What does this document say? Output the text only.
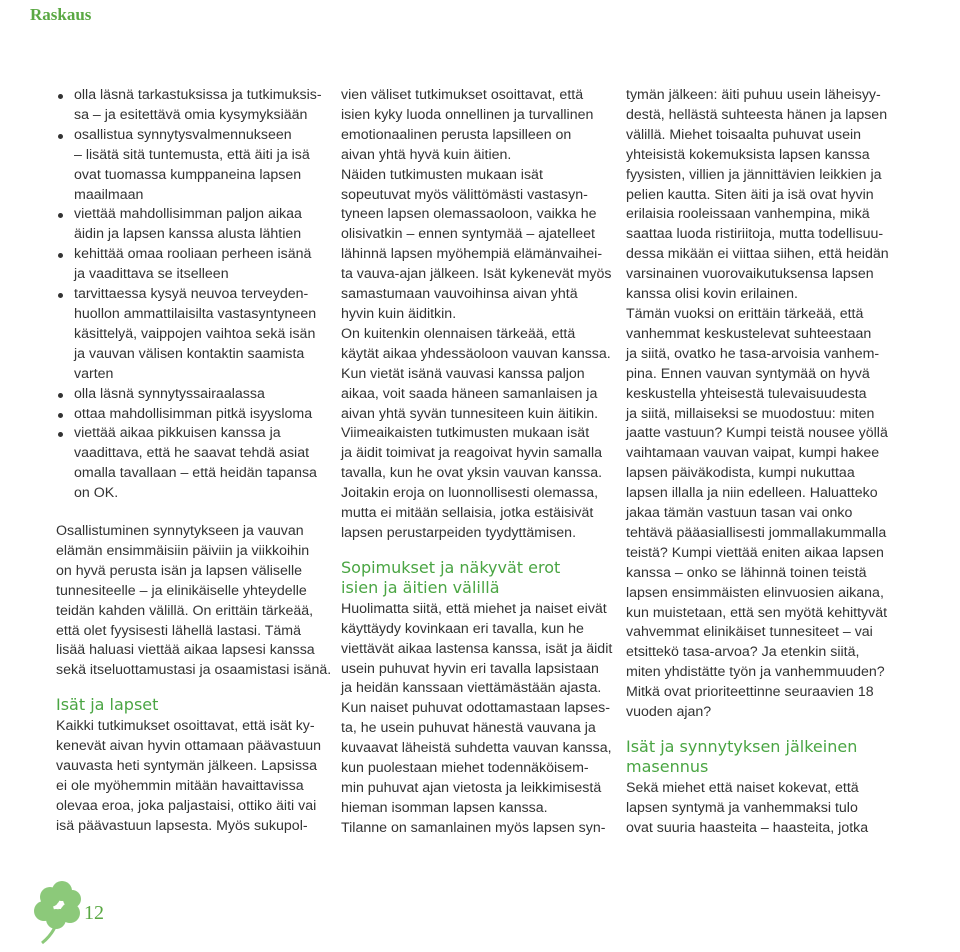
Raskaus
olla läsnä tarkastuksissa ja tutkimuksis-
sa – ja esitettävä omia kysymyksiään
osallistua synnytysvalmennukseen
– lisätä sitä tuntemusta, että äiti ja isä
ovat tuomassa kumppaneina lapsen
maailmaan
viettää mahdollisimman paljon aikaa
äidin ja lapsen kanssa alusta lähtien
kehittää omaa rooliaan perheen isänä
ja vaadittava se itselleen
tarvittaessa kysyä neuvoa terveyden-
huollon ammattilaisilta vastasyntyneen
käsittelyä, vaippojen vaihtoa sekä isän
ja vauvan välisen kontaktin saamista
varten
olla läsnä synnytyssairaalassa
ottaa mahdollisimman pitkä isyysloma
viettää aikaa pikkuisen kanssa ja
vaadittava, että he saavat tehdä asiat
omalla tavallaan – että heidän tapansa
on OK.
Osallistuminen synnytykseen ja vauvan
elämän ensimmäisiin päiviin ja viikkoihin
on hyvä perusta isän ja lapsen väliselle
tunnesiteelle – ja elinikäiselle yhteydelle
teidän kahden välillä. On erittäin tärkeää,
että olet fyysisesti lähellä lastasi. Tämä
lisää haluasi viettää aikaa lapsesi kanssa
sekä itseluottamustasi ja osaamistasi isänä.
Isät ja lapset
Kaikki tutkimukset osoittavat, että isät ky-
kenevät aivan hyvin ottamaan päävastuun
vauvasta heti syntymän jälkeen. Lapsissa
ei ole myöhemmin mitään havaittavissa
olevaa eroa, joka paljastaisi, ottiko äiti vai
isä päävastuun lapsesta. Myös sukupol-
vien väliset tutkimukset osoittavat, että
isien kyky luoda onnellinen ja turvallinen
emotionaalinen perusta lapsilleen on
aivan yhtä hyvä kuin äitien.
Näiden tutkimusten mukaan isät
sopeutuvat myös välittömästi vastasyn-
tyneen lapsen olemassaoloon, vaikka he
olisivatkin – ennen syntymää – ajatelleet
lähinnä lapsen myöhempiä elämänvaihei-
ta vauva-ajan jälkeen. Isät kykenevät myös
samastumaan vauvoihinsa aivan yhtä
hyvin kuin äiditkin.
On kuitenkin olennaisen tärkeää, että
käytät aikaa yhdessäoloon vauvan kanssa.
Kun vietät isänä vauvasi kanssa paljon
aikaa, voit saada häneen samanlaisen ja
aivan yhtä syvän tunnesiteen kuin äitikin.
Viimeaikaisten tutkimusten mukaan isät
ja äidit toimivat ja reagoivat hyvin samalla
tavalla, kun he ovat yksin vauvan kanssa.
Joitakin eroja on luonnollisesti olemassa,
mutta ei mitään sellaisia, jotka estäisivät
lapsen perustarpeiden tyydyttämisen.
Sopimukset ja näkyvät erot
isien ja äitien välillä
Huolimatta siitä, että miehet ja naiset eivät
käyttäydy kovinkaan eri tavalla, kun he
viettävät aikaa lastensa kanssa, isät ja äidit
usein puhuvat hyvin eri tavalla lapsistaan
ja heidän kanssaan viettämästään ajasta.
Kun naiset puhuvat odottamastaan lapses-
ta, he usein puhuvat hänestä vauvana ja
kuvaavat läheistä suhdetta vauvan kanssa,
kun puolestaan miehet todennäköisem-
min puhuvat ajan vietosta ja leikkimisestä
hieman isomman lapsen kanssa.
Tilanne on samanlainen myös lapsen syn-
tymän jälkeen: äiti puhuu usein läheisyy-
destä, hellästä suhteesta hänen ja lapsen
välillä. Miehet toisaalta puhuvat usein
yhteisistä kokemuksista lapsen kanssa
fyysisten, villien ja jännittävien leikkien ja
pelien kautta. Siten äiti ja isä ovat hyvin
erilaisia rooleissaan vanhempina, mikä
saattaa luoda ristiriitoja, mutta todellisuu-
dessa mikään ei viittaa siihen, että heidän
varsinainen vuorovaikutuksensa lapsen
kanssa olisi kovin erilainen.
Tämän vuoksi on erittäin tärkeää, että
vanhemmat keskustelevat suhteestaan
ja siitä, ovatko he tasa-arvoisia vanhem-
pina. Ennen vauvan syntymää on hyvä
keskustella yhteisestä tulevaisuudesta
ja siitä, millaiseksi se muodostuu: miten
jaatte vastuun? Kumpi teistä nousee yöllä
vaihtamaan vauvan vaipat, kumpi hakee
lapsen päiväkodista, kumpi nukuttaa
lapsen illalla ja niin edelleen. Haluatteko
jakaa tämän vastuun tasan vai onko
tehtävä pääasiallisesti jommallakummalla
teistä? Kumpi viettää eniten aikaa lapsen
kanssa – onko se lähinnä toinen teistä
lapsen ensimmäisten elinvuosien aikana,
kun muistetaan, että sen myötä kehittyvät
vahvemmat elinikäiset tunnesiteet – vai
etsittekö tasa-arvoa? Ja etenkin siitä,
miten yhdistätte työn ja vanhemmuuden?
Mitkä ovat prioriteettinne seuraavien 18
vuoden ajan?
Isät ja synnytyksen jälkeinen
masennus
Sekä miehet että naiset kokevat, että
lapsen syntymä ja vanhemmaksi tulo
ovat suuria haasteita – haasteita, jotka
12
